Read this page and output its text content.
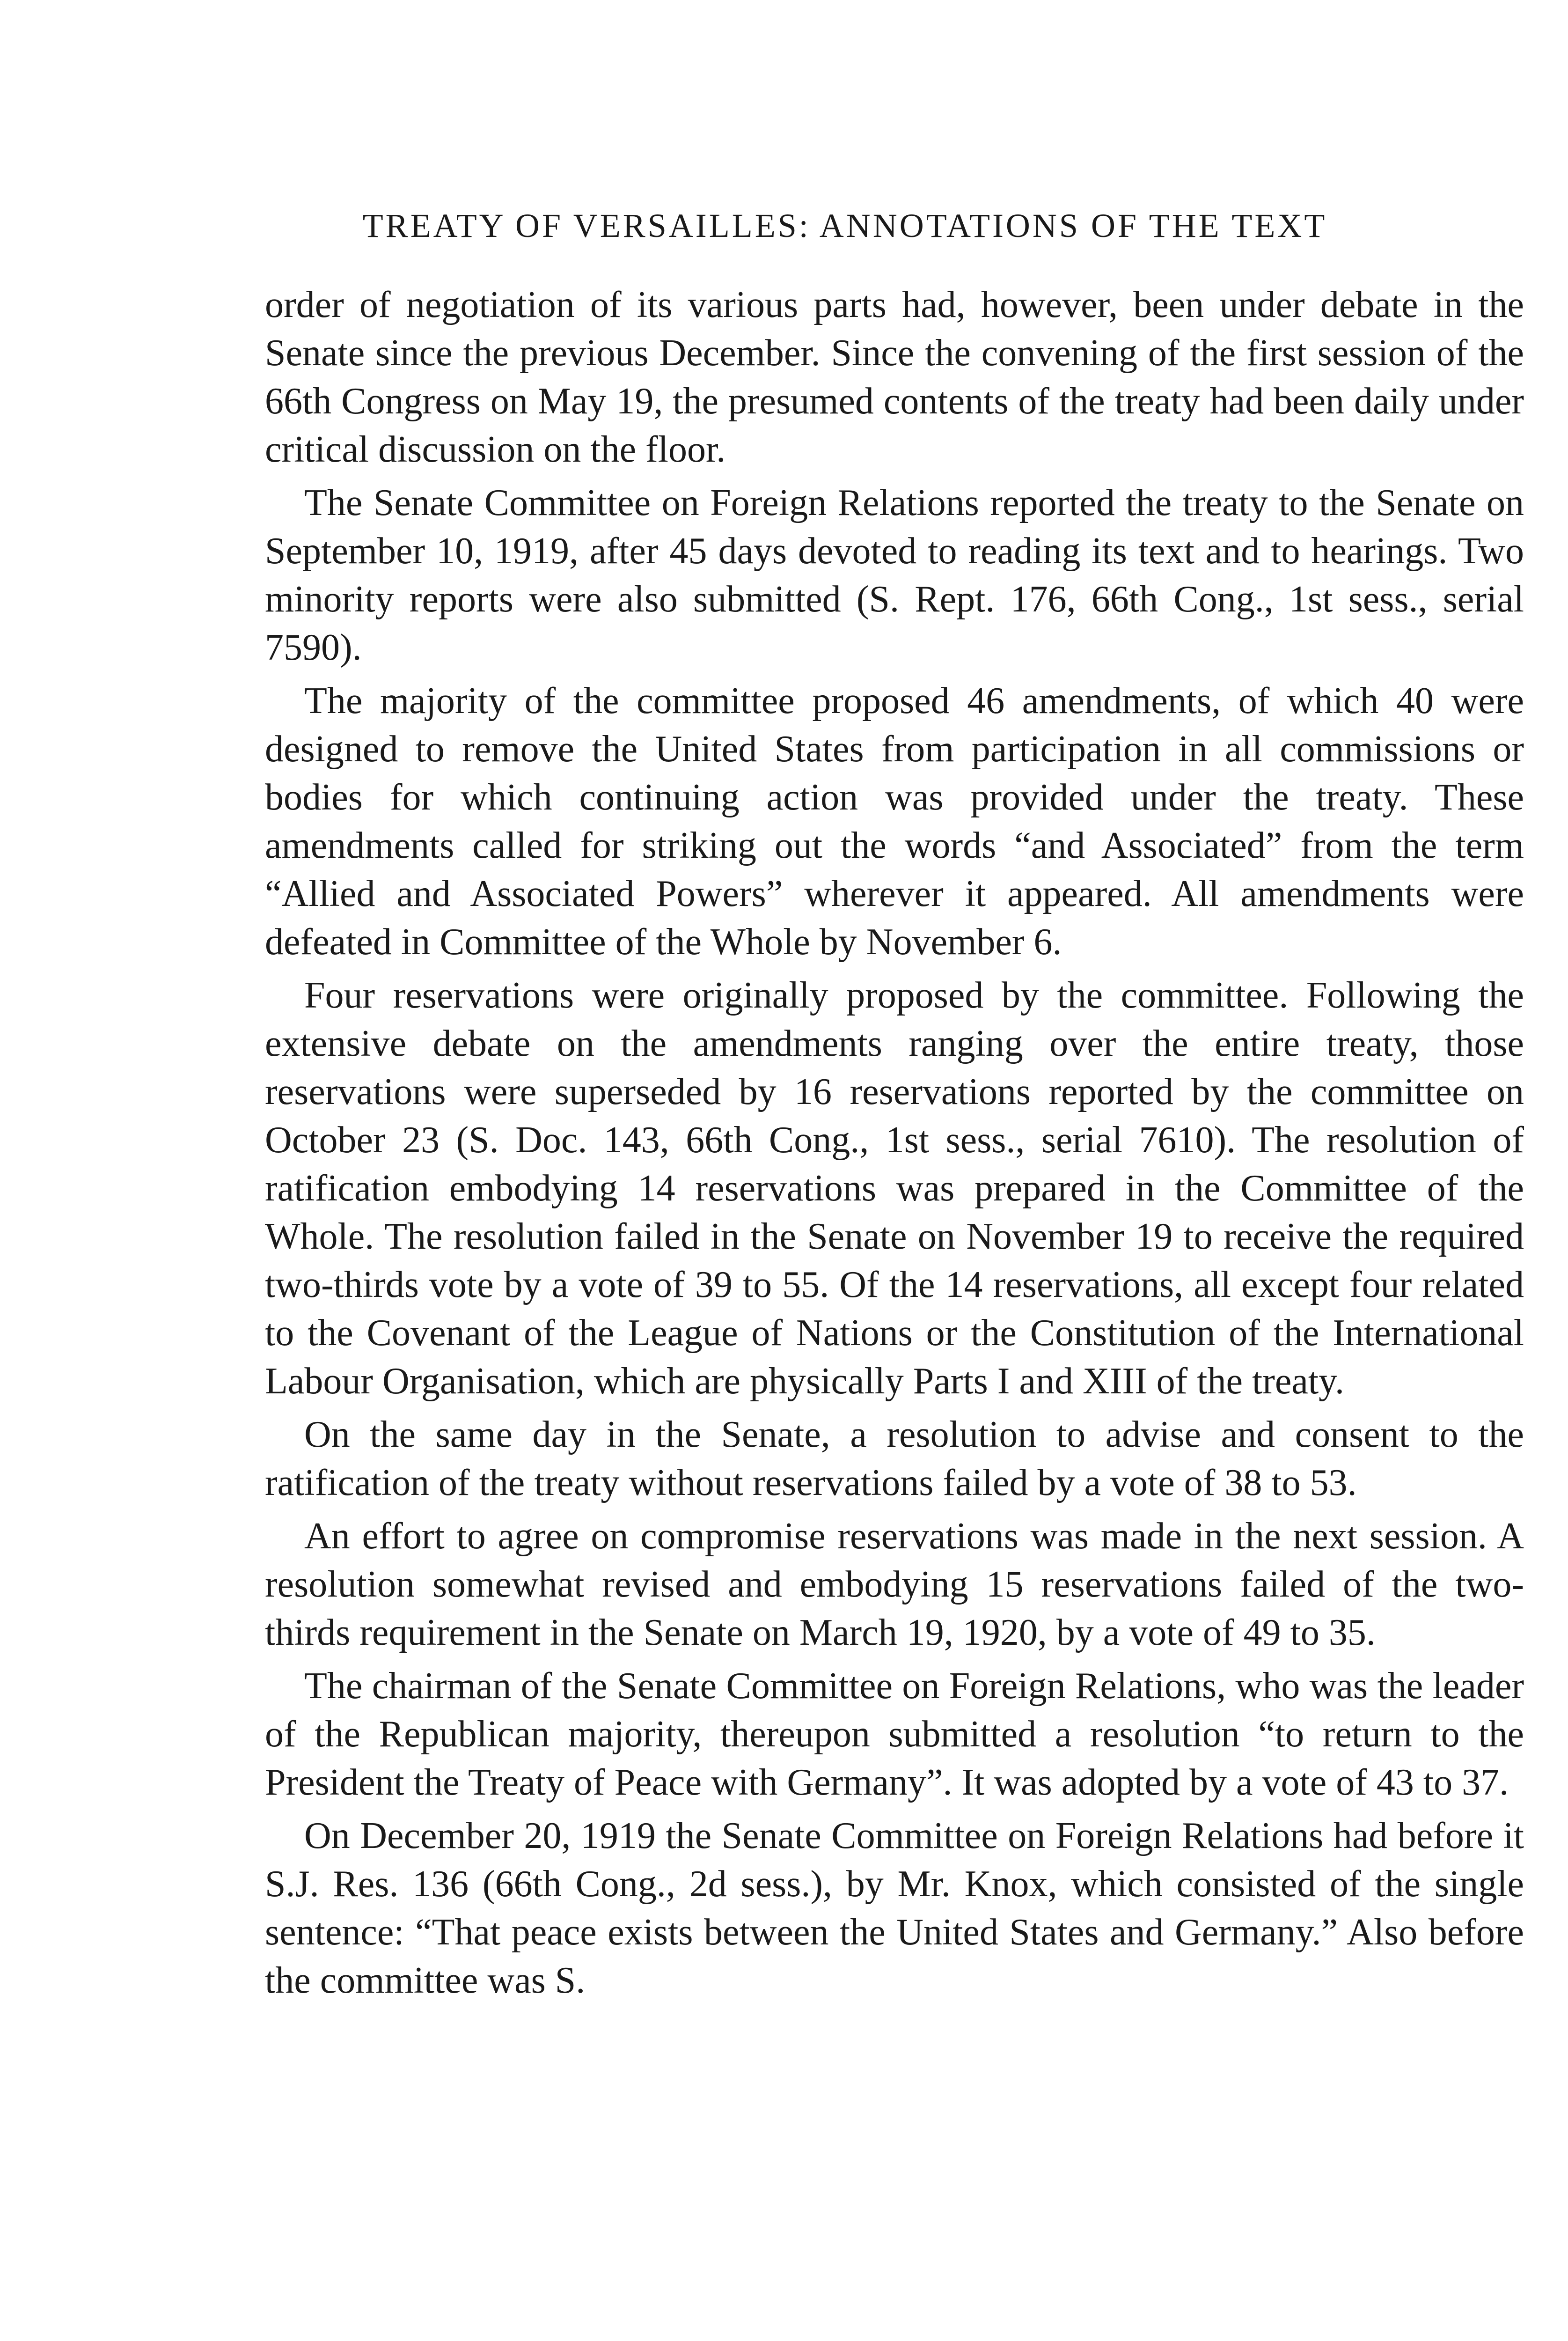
TREATY OF VERSAILLES: ANNOTATIONS OF THE TEXT

order of negotiation of its various parts had, however, been under debate in the Senate since the previous December. Since the convening of the first session of the 66th Congress on May 19, the presumed contents of the treaty had been daily under critical discussion on the floor.

The Senate Committee on Foreign Relations reported the treaty to the Senate on September 10, 1919, after 45 days devoted to reading its text and to hearings. Two minority reports were also submitted (S. Rept. 176, 66th Cong., 1st sess., serial 7590).

The majority of the committee proposed 46 amendments, of which 40 were designed to remove the United States from participation in all commissions or bodies for which continuing action was provided under the treaty. These amendments called for striking out the words “and Associated” from the term “Allied and Associated Powers” wherever it appeared. All amendments were defeated in Committee of the Whole by November 6.

Four reservations were originally proposed by the committee. Following the extensive debate on the amendments ranging over the entire treaty, those reservations were superseded by 16 reservations reported by the committee on October 23 (S. Doc. 143, 66th Cong., 1st sess., serial 7610). The resolution of ratification embodying 14 reservations was prepared in the Committee of the Whole. The resolution failed in the Senate on November 19 to receive the required two-thirds vote by a vote of 39 to 55. Of the 14 reservations, all except four related to the Covenant of the League of Nations or the Constitution of the International Labour Organisation, which are physically Parts I and XIII of the treaty.

On the same day in the Senate, a resolution to advise and consent to the ratification of the treaty without reservations failed by a vote of 38 to 53.

An effort to agree on compromise reservations was made in the next session. A resolution somewhat revised and embodying 15 reservations failed of the two-thirds requirement in the Senate on March 19, 1920, by a vote of 49 to 35.

The chairman of the Senate Committee on Foreign Relations, who was the leader of the Republican majority, thereupon submitted a resolution “to return to the President the Treaty of Peace with Germany”. It was adopted by a vote of 43 to 37.

On December 20, 1919 the Senate Committee on Foreign Relations had before it S.J. Res. 136 (66th Cong., 2d sess.), by Mr. Knox, which consisted of the single sentence: “That peace exists between the United States and Germany.” Also before the committee was S.
